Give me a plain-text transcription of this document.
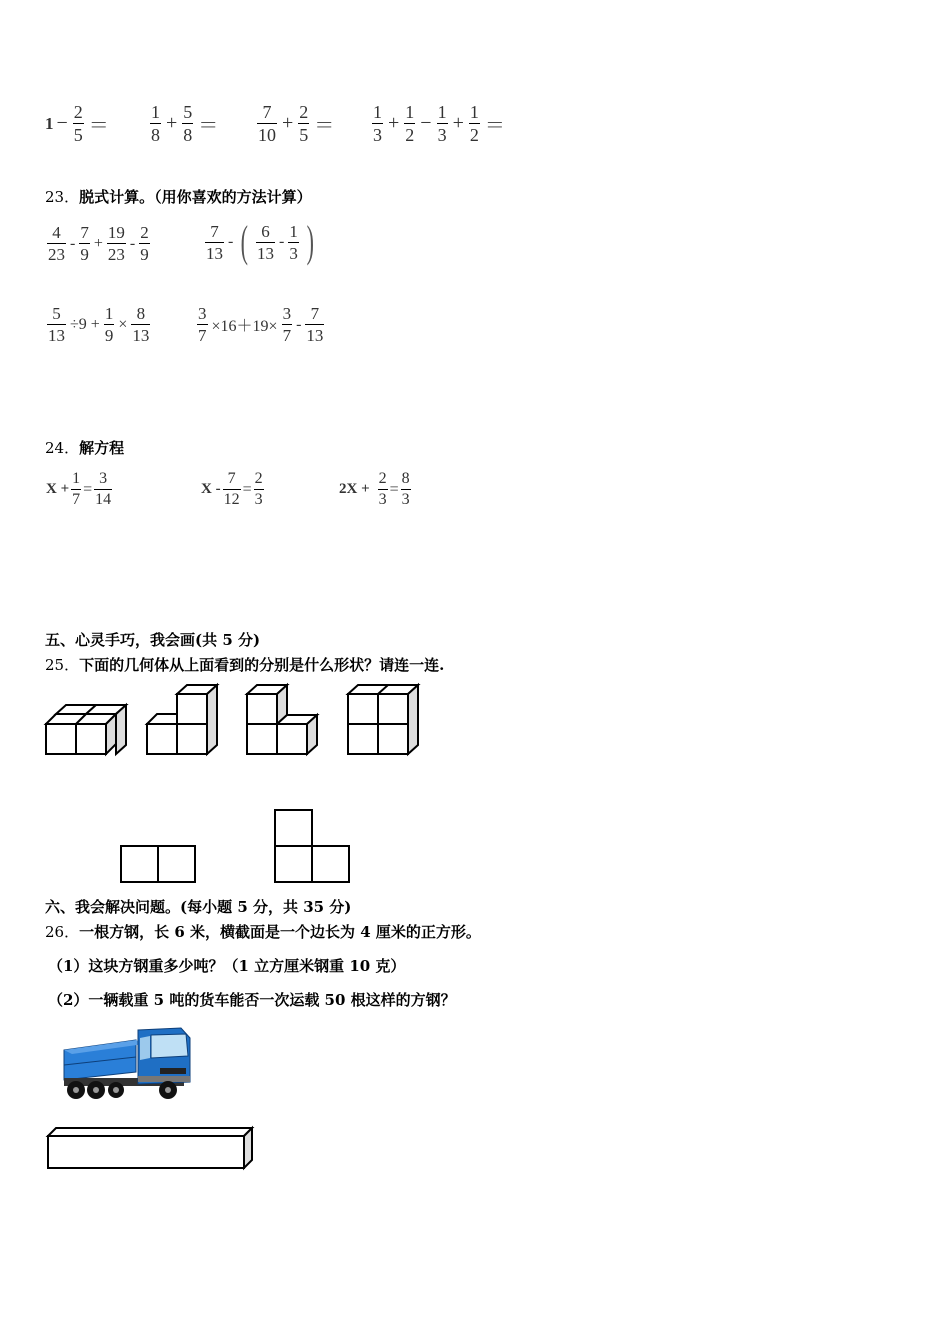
$1 - \frac{2}{5} = \frac{1}{8} + \frac{5}{8} = \frac{7}{10} + \frac{2}{5} = \frac{1}{3} + \frac{1}{2} - \frac{1}{3} + \frac{1}{2}$ ＝
23．脱式计算。（用你喜欢的方法计算）
$\frac{4}{23} - \frac{7}{9} + \frac{19}{23} - \frac{2}{9}$	$\frac{7}{13}$ - ( $\frac{6}{13} - \frac{1}{3}$ )
$\frac{5}{13} \div 9 + \frac{1}{9} \times \frac{8}{13}$	$\frac{3}{7} \times 16+19\times \frac{3}{7} - \frac{7}{13}$
24．解方程
$X + \frac{1}{7} = \frac{3}{14}$	$X - \frac{7}{12} = \frac{2}{3}$	$2X + \frac{2}{3} = \frac{8}{3}$
五、心灵手巧，我会画(共 5 分)
25．下面的几何体从上面看到的分别是什么形状？请连一连.
六、我会解决问题。(每小题 5 分，共 35 分)
26．一根方钢，长 6 米，横截面是一个边长为 4 厘米的正方形。
（1）这块方钢重多少吨？（1 立方厘米钢重 10 克）
（2）一辆载重 5 吨的货车能否一次运载 50 根这样的方钢？
